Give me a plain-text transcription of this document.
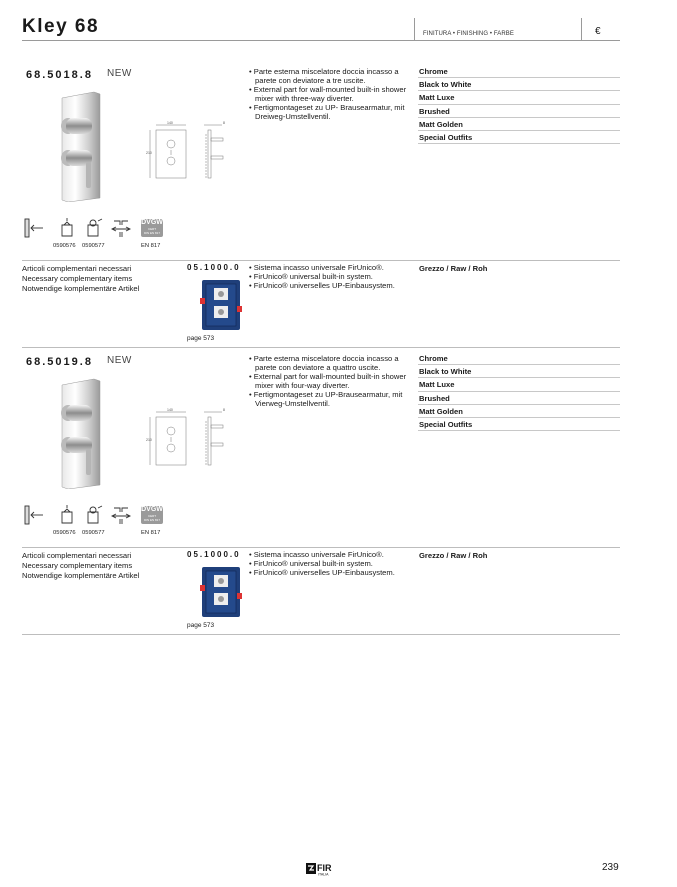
Kley 68	FINITURA • FINISHING • FARBE	€
68.5018.8 NEW
140
210
8
• Parte esterna miscelatore doccia incasso a parete con deviatore a tre uscite.
• External part for wall-mounted built-in shower mixer with three-way diverter.
• Fertigmontageset zu UP- Brausearmatur, mit Dreiweg-Umstellventil.
Chrome
Black to White
Matt Luxe
Brushed
Matt Golden
Special Outfits
DVGW
CERT
DIN EN 817
0590576 0590577	EN 817
Articoli complementari necessari
Necessary complementary items
Notwendige komplementäre Artikel
05.1000.0
page 573
• Sistema incasso universale FirUnico®.
• FirUnico® universal built-in system.
• FirUnico® universelles UP-Einbausystem.
Grezzo / Raw / Roh
68.5019.8 NEW
140
210
8
• Parte esterna miscelatore doccia incasso a parete con deviatore a quattro uscite.
• External part for wall-mounted built-in shower mixer with four-way diverter.
• Fertigmontageset zu UP-Brausearmatur, mit Vierweg-Umstellventil.
Chrome
Black to White
Matt Luxe
Brushed
Matt Golden
Special Outfits
DVGW
CERT
DIN EN 817
0590576 0590577	EN 817
Articoli complementari necessari
Necessary complementary items
Notwendige komplementäre Artikel
05.1000.0
page 573
• Sistema incasso universale FirUnico®.
• FirUnico® universal built-in system.
• FirUnico® universelles UP-Einbausystem.
Grezzo / Raw / Roh
FIR
ITALIA
239
